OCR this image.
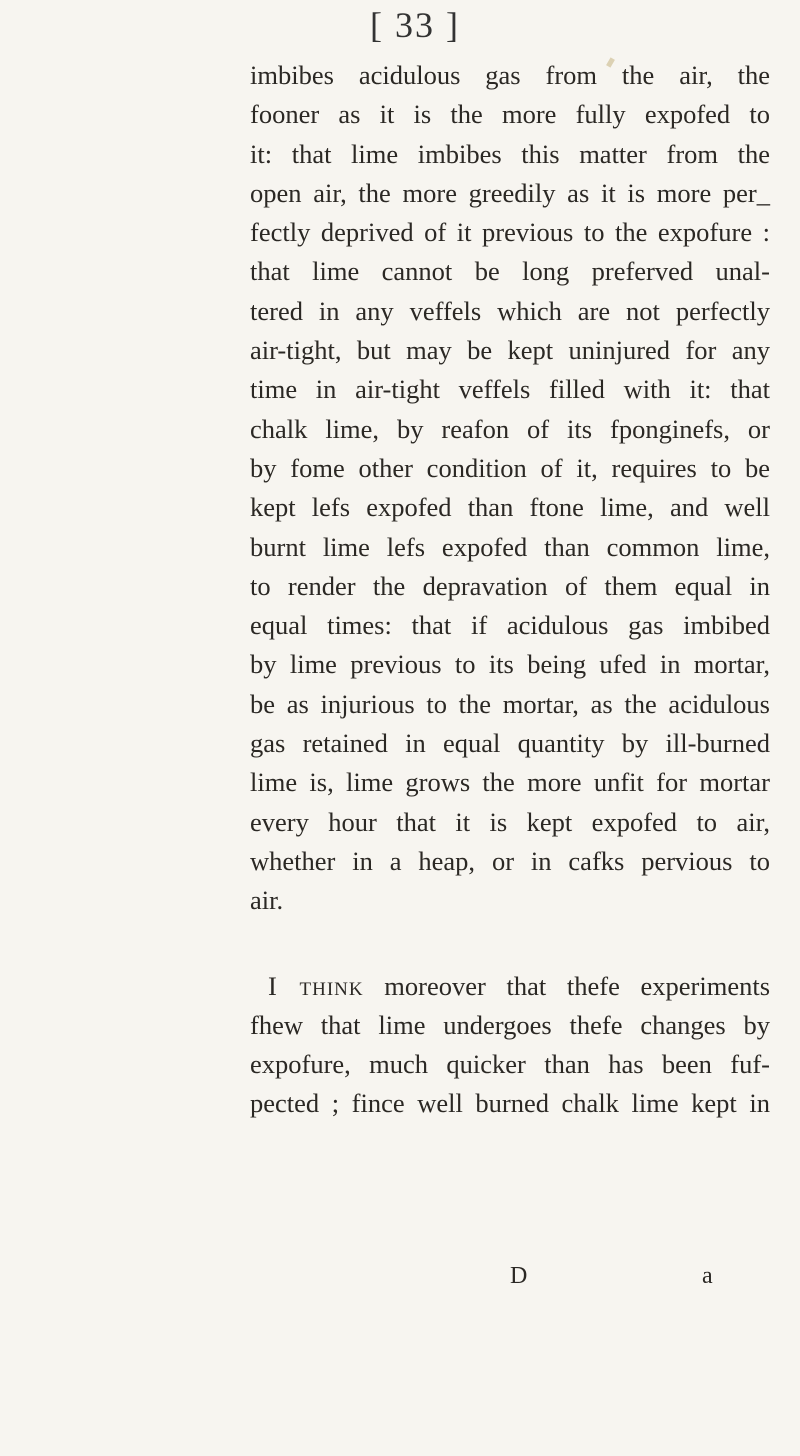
[ 33 ]
imbibes acidulous gas from the air, the
fooner as it is the more fully expofed to
it: that lime imbibes this matter from the
open air, the more greedily as it is more per_
fectly deprived of it previous to the expofure :
that lime cannot be long preferved unal-
tered in any veffels which are not perfectly
air-tight, but may be kept uninjured for any
time in air-tight veffels filled with it: that
chalk lime, by reafon of its fponginefs, or
by fome other condition of it, requires to be
kept lefs expofed than ftone lime, and well
burnt lime lefs expofed than common lime,
to render the depravation of them equal in
equal times: that if acidulous gas imbibed
by lime previous to its being ufed in mortar,
be as injurious to the mortar, as the acidulous
gas retained in equal quantity by ill-burned
lime is, lime grows the more unfit for mortar
every hour that it is kept expofed to air,
whether in a heap, or in cafks pervious to
air.
I think moreover that thefe experiments
fhew that lime undergoes thefe changes by
expofure, much quicker than has been fuf-
pected ; fince well burned chalk lime kept in
D	a
